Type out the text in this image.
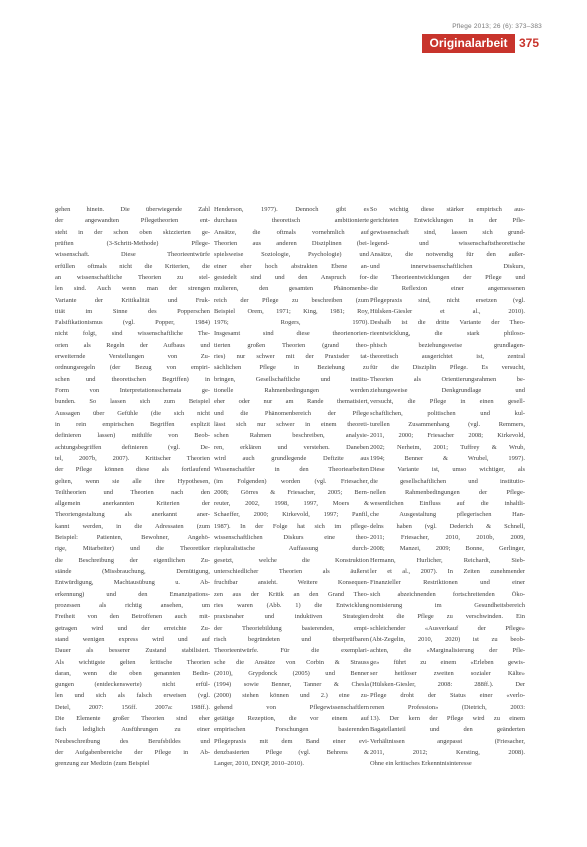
Pflege 2013; 26 (6): 373–383
Originalarbeit 375
gehen hinein. Die überwiegende Zahl
der angewandten Pflegetheorien ent-
steht in der schon oben skizzierten ge-
prüften (3-Schritt-Methode) Pflege-
wissenschaft. Diese Theorieentwürfe
erfüllen oftmals nicht die Kriterien, die
an wissenschaftliche Theorien zu stel-
len sind. Auch wenn man der strengen
Variante der Kritikalität und Fruk-
tität im Sinne des Popperschen
Falsifikationismus (vgl. Popper, 1984)
nicht folgt, sind wissenschaftliche The-
orien als Regeln der Aufbaus und
erweiternde Verstellungen von Zu-
ordnungsregeln (der Bezug von empiri-
schen und theoretischen Begriffen) in
Form von Interpretationsschemata ge-
bunden. So lassen sich zum Beispiel
Aussagen über Gefühle (die sich nicht
in rein empirischen Begriffen explizit
definieren lassen) mithilfe von Beob-
achtungsbegriffen definieren (vgl. De-
tel, 2007b, 2007). Kritischer Theorien
der Pflege können diese als fortlaufend
gelten, wenn sie alle ihre Hypothesen,
Teiltheorien und Theorien nach den
allgemein anerkannten Kriterien der
Theoriengestaltung als anerkannt aner-
kannt werden, in die Adressaten (zum
Beispiel: Patienten, Bewohner, Angehö-
rige, Mitarbeiter) und die Theoretiker
die Beschreibung der eigentlichen Zu-
stände (Missbrauchung, Demütigung,
Entwürdigung, Machtausübung u. Ab-
erkennung) und den Emanzipations-
prozessen als richtig ansehen, um
Freiheit von den Betroffenen auch mit-
getragen wird und der erreichte Zu-
stand wenigen express wird und auf
Dauer als besserer Zustand stabilisiert.
Als wichtigste gelten kritische Theorien
daran, wenn die oben genannten Bedin-
gungen (entdeckenswerte) nicht erfül-
len und sich als falsch erweisen (vgl.
Detel, 2007: 156ff. 2007a: 198ff.).
Die Elemente großer Theorien sind eher
fach lediglich Ausführungen zu einer
Neubeschreibung des Berufsbildes und
der Aufgabenbereiche der Pflege in Ab-
grenzung zur Medizin (zum Beispiel
Henderson, 1977). Dennoch gibt es
durchaus theoretisch ambitionierte
Ansätze, die oftmals vornehmlich auf
Theorien aus anderen Disziplinen (bei-
spielsweise Soziologie, Psychologie) und
einer eher hoch abstrakten Ebene an-
gesiedelt sind und den Anspruch for-
mulieren, den gesamten Phänomenbe-
reich der Pflege zu beschreiben (zum
Beispiel Orem, 1971; King, 1981; Roy,
1976; Rogers, 1970).
Insgesamt sind diese theorienorien-
tierten großen Theorien (grand theo-
ries) nur schwer mit der Praxisder tat-
sächlichen Pflege in Beziehung zu
bringen, Gesellschaftliche und institu-
tionelle Rahmenbedingungen werden
eher oder nur am Rande thematisiert,
und die Phänomenbereich der Pflege
lässt sich nur schwer in einem theoreti-
schen Rahmen beschreiben, analysie-
ren, erklären und verstehen. Daneben
wird auch grundlegende Defizite aus
Wissenschaftler in den Theoriearbeiten
(im Folgenden) worden (vgl. Friesacher,
2008; Görres & Friesacher, 2005; Bern-
reuter, 2002, 1998, 1997, Moers &
Schaeffer, 2000; Kirkevold, 1997; Panfil,
1987). In der Folge hat sich im pflege-
wissenschaftlichen Diskurs eine theo-
riepluralistische Auffassung durch-
gesetzt, welche die Konstruktion
unterschiedlicher Theorien als äußerst
fruchtbar ansieht. Weitere Konsequen-
zen aus der Kritik an den Grand Theo-
ries waren (Abb. 1) die Entwicklung
praxisnaher und induktiven Strategien
der Theoriebildung basierenden, empi-
risch begründeten und überprüfbaren
Theorieentwürfe. Für die exemplari-
sche die Ansätze von Corbin & Strauss
(2010), Grypdonck (2005) und Benner
(1994) sowie Benner, Tanner & Chesla
(2000) stehen können und 2.) eine zu-
gehend von Pflegewissenschaftlern
getätige Rezeption, die vor einem auf
empirischen Forschungen basierenden
Pflegepraxis mit dem Band einer evi-
denzbasierten Pflege (vgl. Behrens &
Langer, 2010, DNQP, 2010–2010).
So wichtig diese stärker empirisch aus-
gerichteten Entwicklungen in der Pfle-
gewissenschaft sind, lassen sich grund-
legend- und wissenschaftstheoretische
Ansätze, die notwendig für den außer-
und innerwissenschaftlichen Diskurs,
die Theorieentwicklungen der Pflege und
die Reflexion einer angemessenen
Pflegepraxis sind, nicht ersetzen (vgl.
Hülsken-Giesler et al., 2010).
Deshalb ist die dritte Variante der Theo-
rieentwicklung, die stark philoso-
phisch beziehungsweise grundlagen-
theoretisch ausgerichtet ist, zentral
für die Disziplin Pflege. Es versucht,
Theorien als Orientierungsrahmen be-
ziehungsweise Denkgrundlage und
versucht, die Pflege in einen gesell-
schaftlichen, politischen und kul-
turellen Zusammenhang (vgl. Remmers,
2011, 2000; Friesacher 2008; Kirkevold,
2002; Nerheim, 2001; Tuffrey & Wrub,
1994; Benner & Wrubel, 1997).
Diese Variante ist, umso wichtiger, als
die gesellschaftlichen und institutio-
nellen Rahmenbedingungen der Pflege-
wesentlichen Einfluss auf die inhaltli-
che Ausgestaltung pflegerischen Han-
delns haben (vgl. Dederich & Schnell,
2011; Friesacher, 2010, 2010b, 2009,
2008; Manzei, 2009; Bonne, Gerlinger,
Hermann, Hurlicher, Reichardt, Sieb-
ler et al., 2007). In Zeiten zunehmender
Finanzieller Restriktionen und einer
sich abzeichnenden fortschreitenden Öko-
nomisierung im Gesundheitsbereich
droht die Pflege zu verschwinden. Ein
schleichender «Ausverkauf der Pflege»
(Abt-Zegelin, 2010, 2020) ist zu beob-
achten, die «Marginalisierung der Pfle-
ge» führt zu einem «Erleben gewis-
ser heitloser zweiten sozialer Kälte»
(Hülsken-Giesler, 2008: 288ff.). Der
Pflege droht der Status einer «verlo-
renen Profession» (Dietrich, 2003:
13). Der kern der Pflege wird zu einem
Bagatellanteil und den geänderten
Verhältnissen angepasst (Friesacher,
2011, 2012; Kersting, 2008).
Ohne ein kritisches Erkenntnisinteresse
